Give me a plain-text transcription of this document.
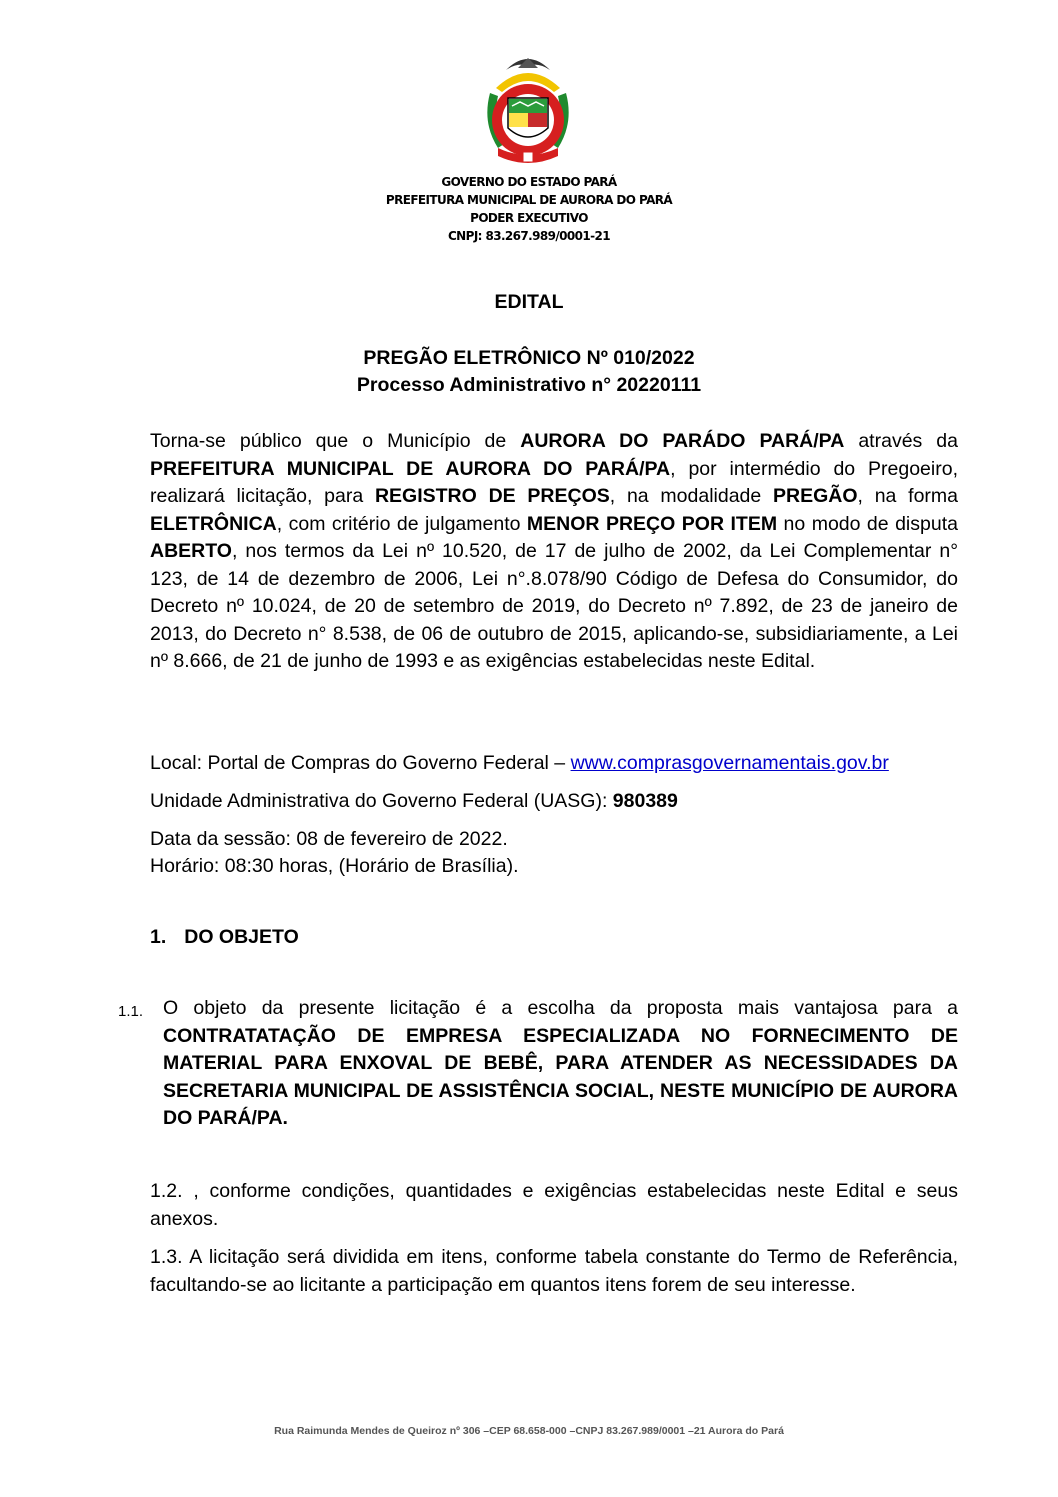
GOVERNO DO ESTADO PARÁ
PREFEITURA MUNICIPAL DE AURORA DO PARÁ
PODER EXECUTIVO
CNPJ: 83.267.989/0001-21
EDITAL
PREGÃO ELETRÔNICO Nº 010/2022
Processo Administrativo n° 20220111

Torna-se público que o Município de AURORA DO PARÁDO PARÁ/PA através da PREFEITURA MUNICIPAL DE AURORA DO PARÁ/PA, por intermédio do Pregoeiro, realizará licitação, para REGISTRO DE PREÇOS, na modalidade PREGÃO, na forma ELETRÔNICA, com critério de julgamento MENOR PREÇO POR ITEM no modo de disputa ABERTO, nos termos da Lei nº 10.520, de 17 de julho de 2002, da Lei Complementar n° 123, de 14 de dezembro de 2006, Lei n°.8.078/90 Código de Defesa do Consumidor, do Decreto nº 10.024, de 20 de setembro de 2019, do Decreto nº 7.892, de 23 de janeiro de 2013, do Decreto n° 8.538, de 06 de outubro de 2015, aplicando-se, subsidiariamente, a Lei nº 8.666, de 21 de junho de 1993 e as exigências estabelecidas neste Edital.

Local: Portal de Compras do Governo Federal – www.comprasgovernamentais.gov.br

Unidade Administrativa do Governo Federal (UASG): 980389

Data da sessão: 08 de fevereiro de 2022.

Horário: 08:30 horas, (Horário de Brasília).

1. DO OBJETO

1.1. O objeto da presente licitação é a escolha da proposta mais vantajosa para a CONTRATATAÇÃO DE EMPRESA ESPECIALIZADA NO FORNECIMENTO DE MATERIAL PARA ENXOVAL DE BEBÊ, PARA ATENDER AS NECESSIDADES DA SECRETARIA MUNICIPAL DE ASSISTÊNCIA SOCIAL, NESTE MUNICÍPIO DE AURORA DO PARÁ/PA.

1.2. , conforme condições, quantidades e exigências estabelecidas neste Edital e seus anexos.

1.3. A licitação será dividida em itens, conforme tabela constante do Termo de Referência, facultando-se ao licitante a participação em quantos itens forem de seu interesse.

Rua Raimunda Mendes de Queiroz nº 306 –CEP 68.658-000 –CNPJ 83.267.989/0001 –21 Aurora do Pará
